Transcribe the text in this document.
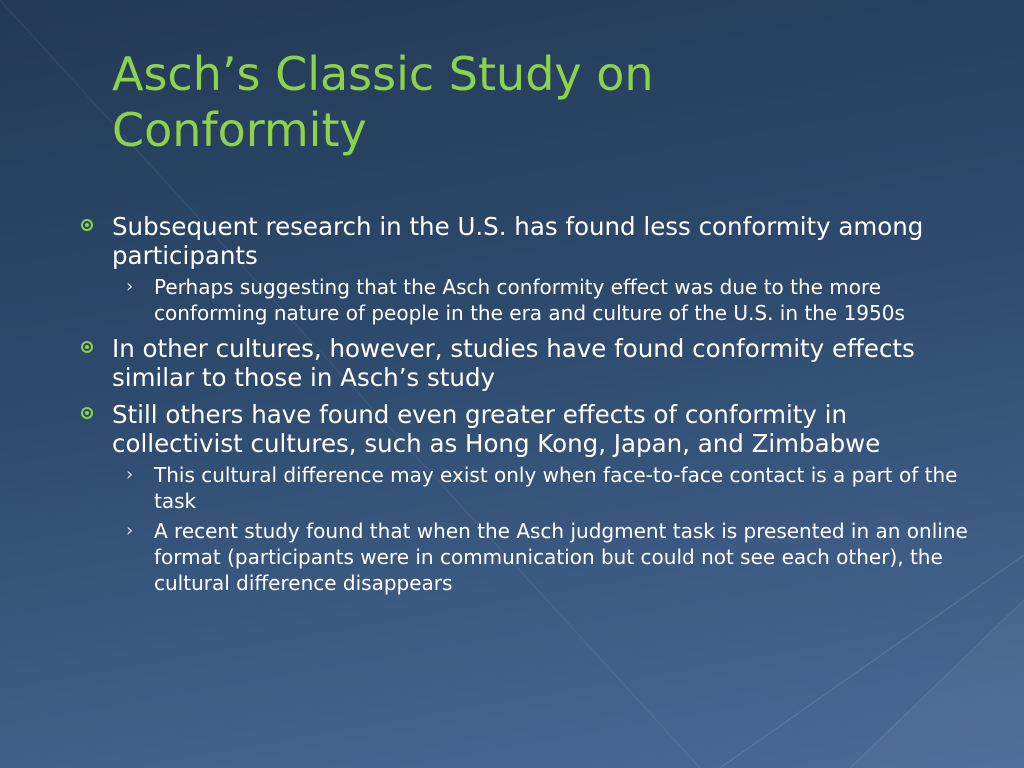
Asch’s Classic Study on Conformity
Subsequent research in the U.S. has found less conformity among participants
› Perhaps suggesting that the Asch conformity effect was due to the more conforming nature of people in the era and culture of the U.S. in the 1950s
In other cultures, however, studies have found conformity effects similar to those in Asch’s study
Still others have found even greater effects of conformity in collectivist cultures, such as Hong Kong, Japan, and Zimbabwe
› This cultural difference may exist only when face-to-face contact is a part of the task
› A recent study found that when the Asch judgment task is presented in an online format (participants were in communication but could not see each other), the cultural difference disappears
